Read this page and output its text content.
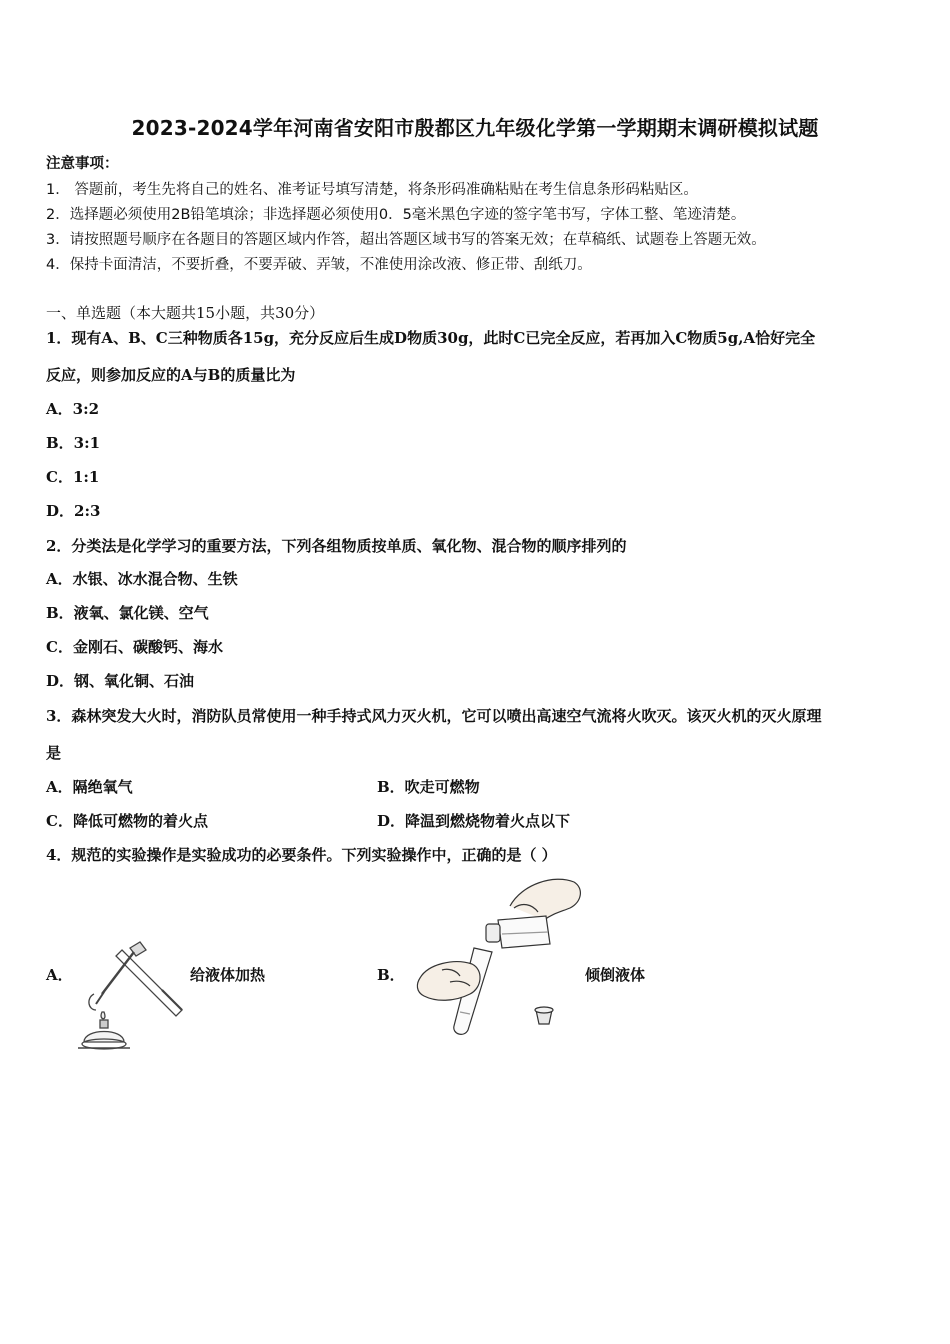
2023-2024学年河南省安阳市殷都区九年级化学第一学期期末调研模拟试题
注意事项：
1． 答题前，考生先将自己的姓名、准考证号填写清楚，将条形码准确粘贴在考生信息条形码粘贴区。
2．选择题必须使用2B铅笔填涂；非选择题必须使用0．5毫米黑色字迹的签字笔书写，字体工整、笔迹清楚。
3．请按照题号顺序在各题目的答题区域内作答，超出答题区域书写的答案无效；在草稿纸、试题卷上答题无效。
4．保持卡面清洁，不要折叠，不要弄破、弄皱，不准使用涂改液、修正带、刮纸刀。
一、单选题（本大题共15小题，共30分）
1．现有A、B、C三种物质各15g，充分反应后生成D物质30g，此时C已完全反应，若再加入C物质5g,A恰好完全
反应，则参加反应的A与B的质量比为
A．3:2
B．3:1
C．1:1
D．2:3
2．分类法是化学学习的重要方法，下列各组物质按单质、氧化物、混合物的顺序排列的
A．水银、冰水混合物、生铁
B．液氧、氯化镁、空气
C．金刚石、碳酸钙、海水
D．钢、氧化铜、石油
3．森林突发大火时，消防队员常使用一种手持式风力灭火机，它可以喷出高速空气流将火吹灭。该灭火机的灭火原理
是
A．隔绝氧气	B．吹走可燃物
C．降低可燃物的着火点	D．降温到燃烧物着火点以下
4．规范的实验操作是实验成功的必要条件。下列实验操作中，正确的是（ ）
A．	给液体加热	B．	倾倒液体
